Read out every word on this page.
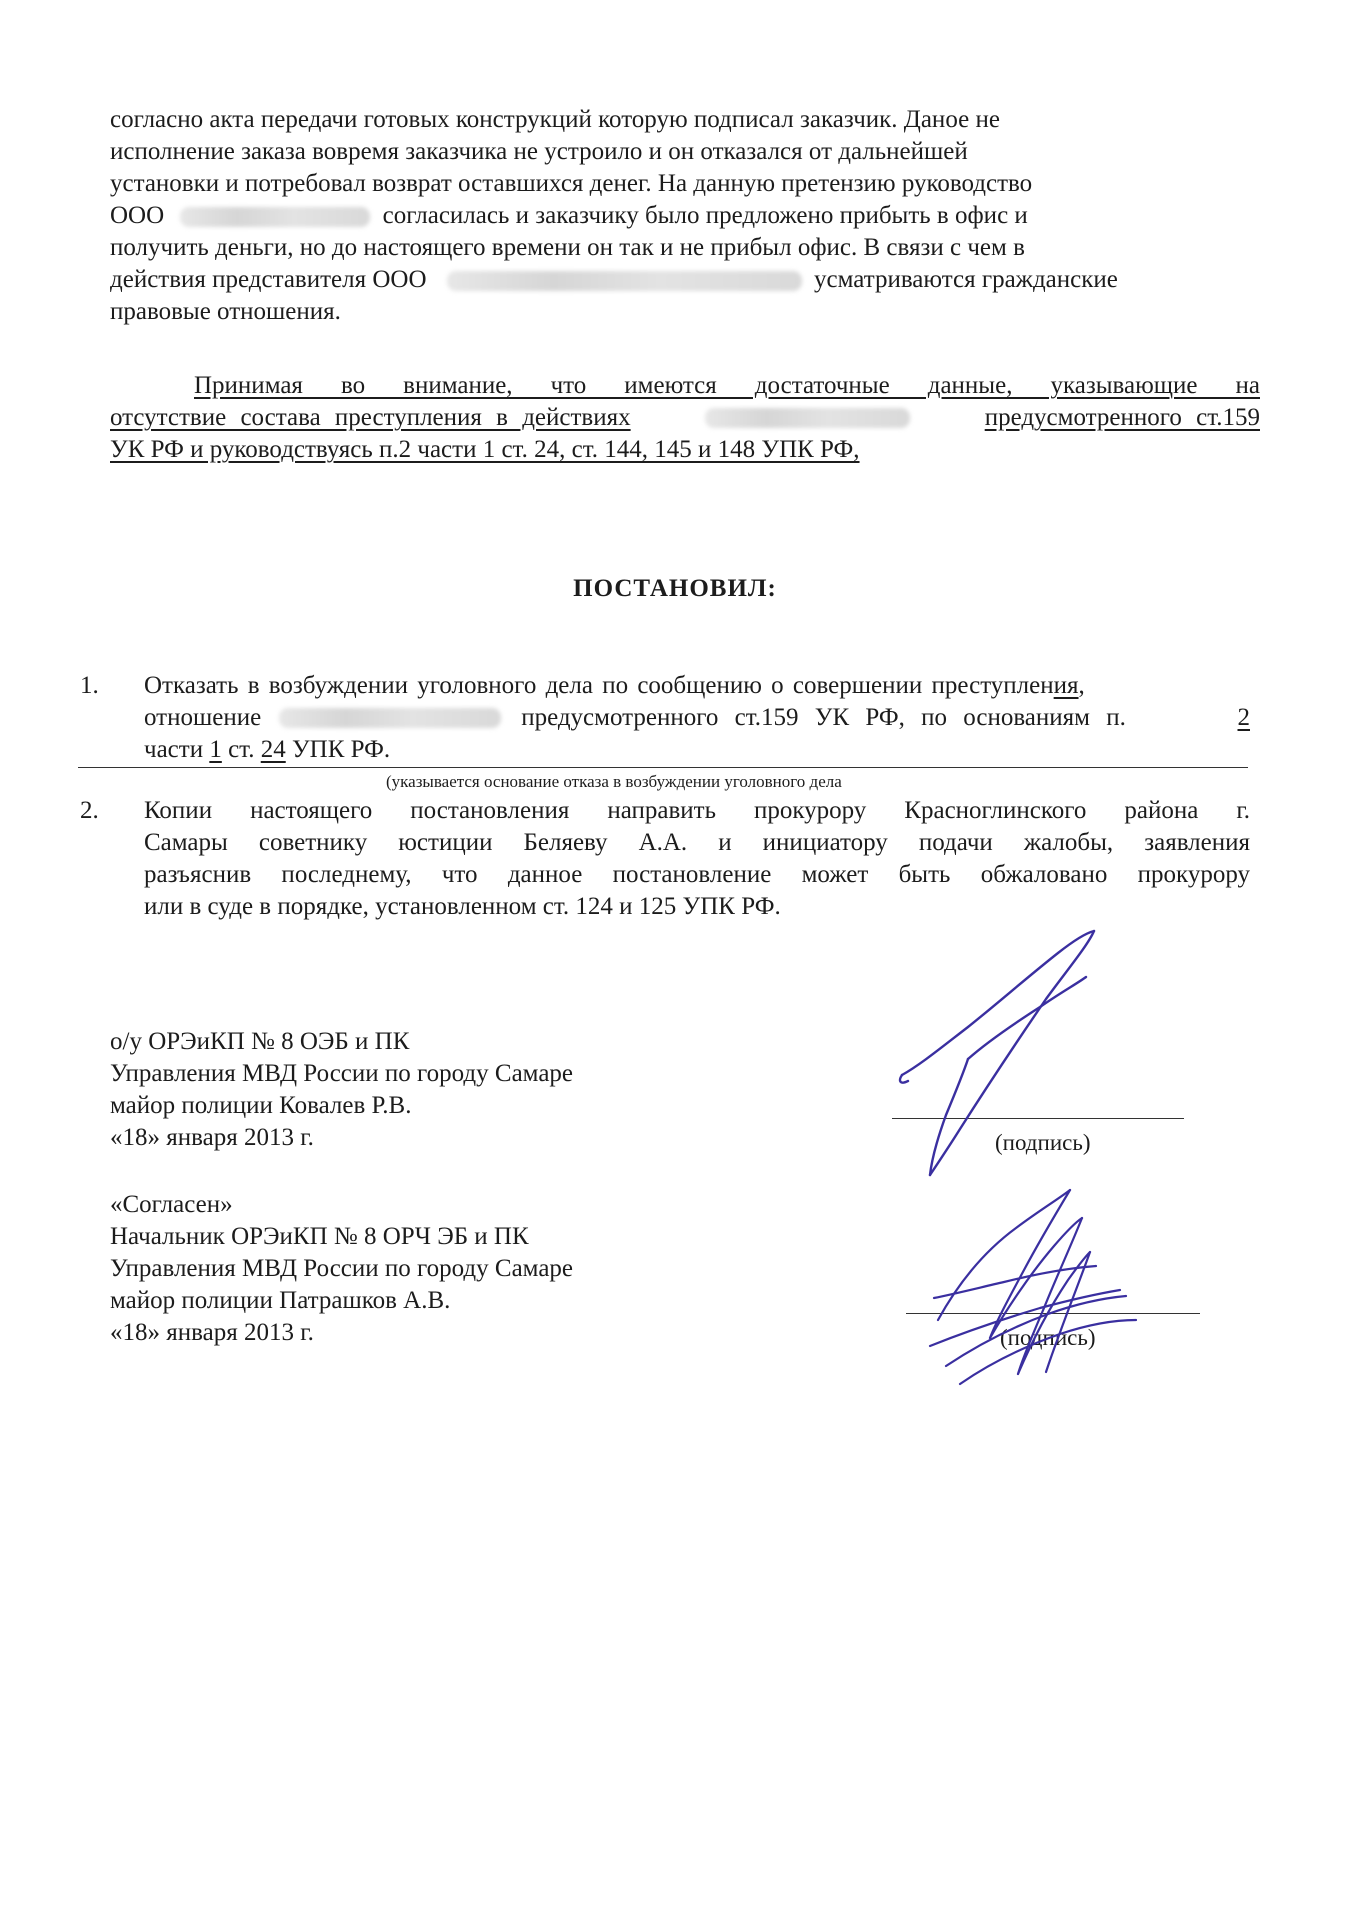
согласно акта передачи готовых конструкций которую подписал заказчик. Даное не
исполнение заказа вовремя заказчика не устроило и он отказался от дальнейшей
установки и потребовал возврат оставшихся денег. На данную претензию руководство
ООО	согласилась и заказчику было предложено прибыть в офис и
получить деньги, но до настоящего времени он так и не прибыл офис. В связи с чем в
действия представителя ООО	усматриваются гражданские
правовые отношения.
Принимая во внимание, что имеются достаточные данные, указывающие на
отсутствие состава преступления в действиях	предусмотренного ст.159
УК РФ и руководствуясь п.2 части 1 ст. 24, ст. 144, 145 и 148 УПК РФ,
ПОСТАНОВИЛ:
1. Отказать в возбуждении уголовного дела по сообщению о совершении преступления,
отношение	предусмотренного ст.159 УК РФ, по основаниям п.	2
части 1 ст. 24 УПК РФ.
(указывается основание отказа в возбуждении уголовного дела
2. Копии настоящего постановления направить прокурору Красноглинского района г.
Самары советнику юстиции Беляеву А.А. и инициатору подачи жалобы, заявления
разъяснив последнему, что данное постановление может быть обжаловано прокурору
или в суде в порядке, установленном ст. 124 и 125 УПК РФ.
о/у ОРЭиКП № 8 ОЭБ и ПК
Управления МВД России по городу Самаре
майор полиции Ковалев Р.В.
«18» января 2013 г.	(подпись)
«Согласен»
Начальник ОРЭиКП № 8 ОРЧ ЭБ и ПК
Управления МВД России по городу Самаре
майор полиции Патрашков А.В.
«18» января 2013 г.	(подпись)
